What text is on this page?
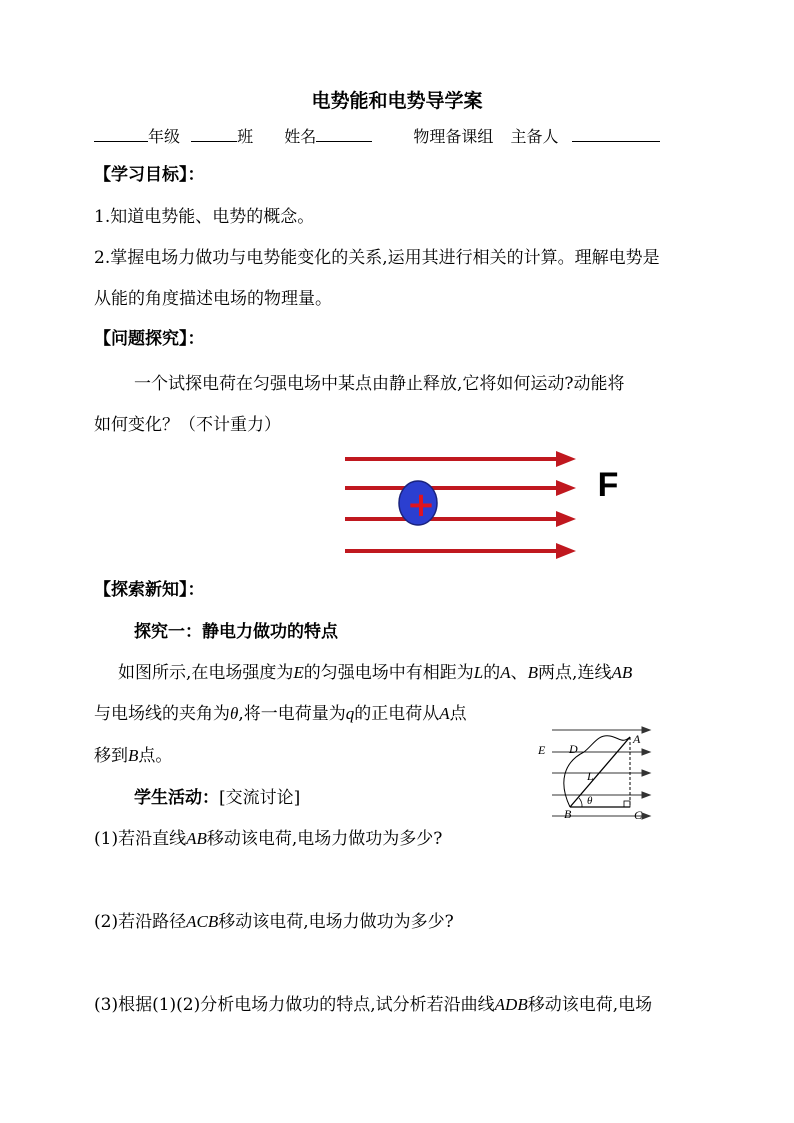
电势能和电势导学案
年级	班 姓名	物理备课组 主备人
【学习目标】：
1.知道电势能、电势的概念。
2.掌握电场力做功与电势能变化的关系,运用其进行相关的计算。理解电势是
从能的角度描述电场的物理量。
【问题探究】：
一个试探电荷在匀强电场中某点由静止释放,它将如何运动?动能将
如何变化？（不计重力）
+	F
【探索新知】：
探究一：静电力做功的特点
如图所示,在电场强度为E的匀强电场中有相距为L的A、B两点,连线AB
与电场线的夹角为θ,将一电荷量为q的正电荷从A点
移到B点。	E D
A
L
B
θ
C
学生活动：[交流讨论]
(1)若沿直线AB移动该电荷,电场力做功为多少?
(2)若沿路径ACB移动该电荷,电场力做功为多少?
(3)根据(1)(2)分析电场力做功的特点,试分析若沿曲线ADB移动该电荷,电场
